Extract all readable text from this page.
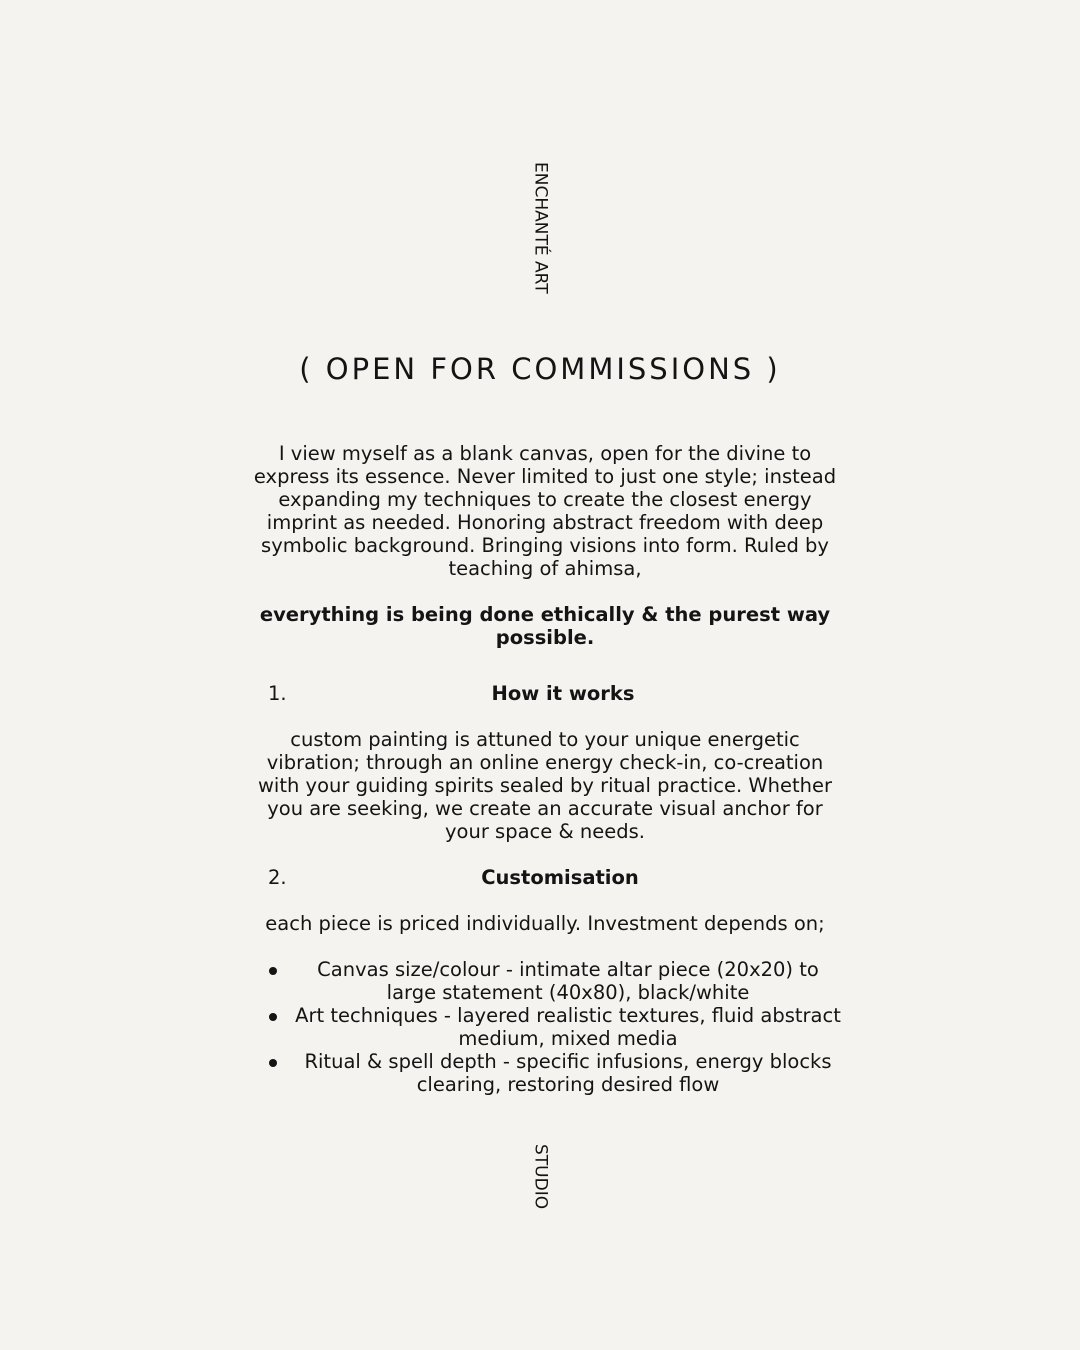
ENCHANTÉ ART
( OPEN FOR COMMISSIONS )

I view myself as a blank canvas, open for the divine to express its essence. Never limited to just one style; instead expanding my techniques to create the closest energy imprint as needed. Honoring abstract freedom with deep symbolic background. Bringing visions into form. Ruled by teaching of ahimsa,

everything is being done ethically & the purest way possible.

1.	How it works

custom painting is attuned to your unique energetic vibration; through an online energy check-in, co-creation with your guiding spirits sealed by ritual practice. Whether you are seeking, we create an accurate visual anchor for your space & needs.

2.	Customisation

each piece is priced individually. Investment depends on;

Canvas size/colour - intimate altar piece (20x20) to large statement (40x80), black/white
Art techniques - layered realistic textures, fluid abstract medium, mixed media
Ritual & spell depth - specific infusions, energy blocks clearing, restoring desired flow
STUDIO
